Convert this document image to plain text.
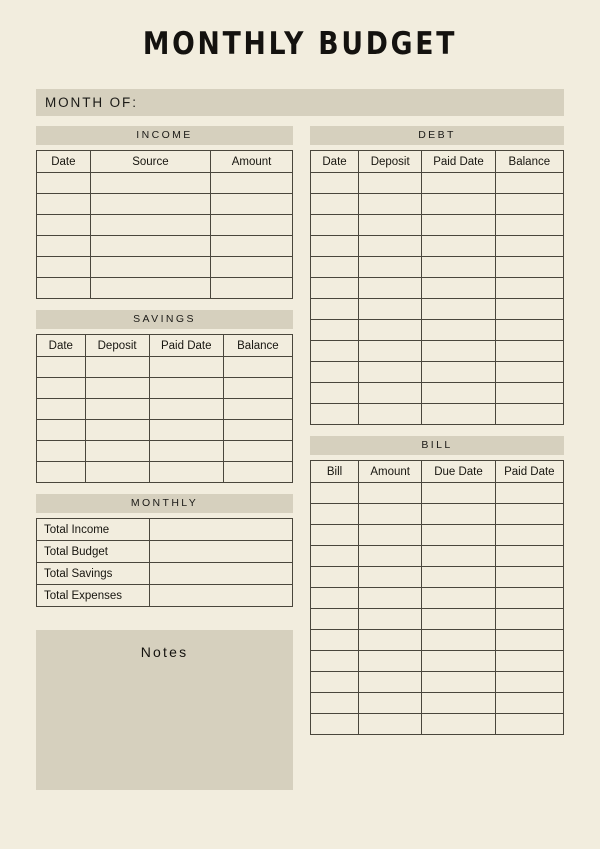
MONTHLY BUDGET
MONTH OF:
INCOME
Date	Source	Amount

SAVINGS
Date	Deposit	Paid Date	Balance

MONTHLY
Total Income	
Total Budget	
Total Savings	
Total Expenses	
Notes
DEBT
Date	Deposit	Paid Date	Balance

BILL
Bill	Amount	Due Date	Paid Date
